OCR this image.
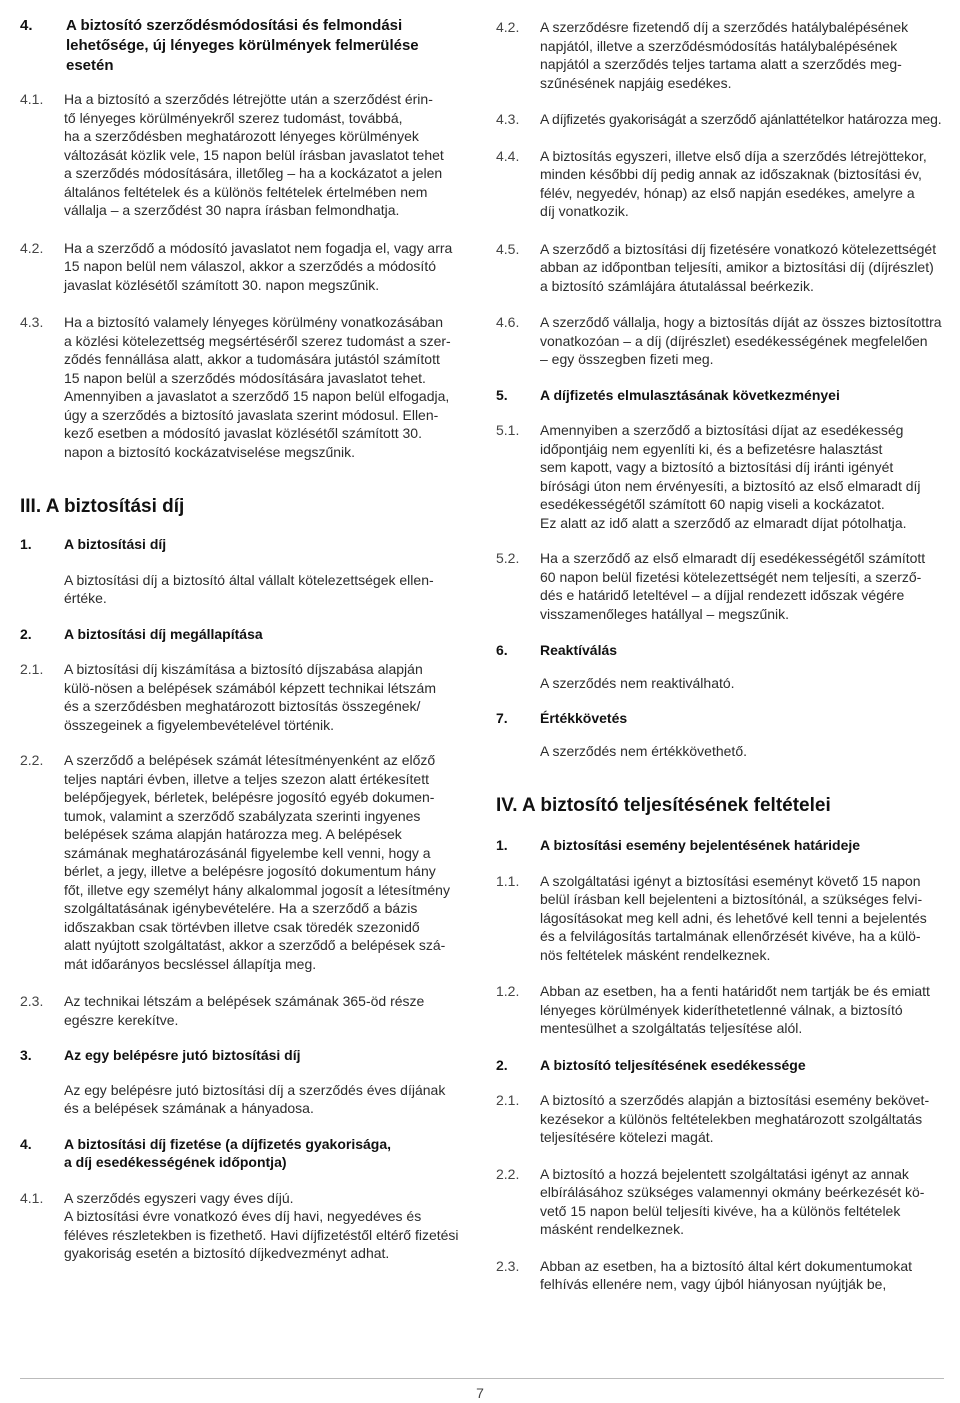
4.	A biztosító szerződésmódosítási és felmondási lehetősége, új lényeges körülmények felmerülése esetén
4.1.	Ha a biztosító a szerződés létrejötte után a szerződést érin-
tő lényeges körülményekről szerez tudomást, továbbá,
ha a szerződésben meghatározott lényeges körülmények
változását közlik vele, 15 napon belül írásban javaslatot tehet
a szerződés módosítására, illetőleg – ha a kockázatot a jelen
általános feltételek és a különös feltételek értelmében nem
vállalja – a szerződést 30 napra írásban felmondhatja.
4.2.	Ha a szerződő a módosító javaslatot nem fogadja el, vagy arra
15 napon belül nem válaszol, akkor a szerződés a módosító
javaslat közlésétől számított 30. napon megszűnik.
4.3.	Ha a biztosító valamely lényeges körülmény vonatkozásában
a közlési kötelezettség megsértéséről szerez tudomást a szer-
ződés fennállása alatt, akkor a tudomására jutástól számított
15 napon belül a szerződés módosítására javaslatot tehet.
Amennyiben a javaslatot a szerződő 15 napon belül elfogadja,
úgy a szerződés a biztosító javaslata szerint módosul. Ellen-
kező esetben a módosító javaslat közlésétől számított 30.
napon a biztosító kockázatviselése megszűnik.
III. A biztosítási díj
1.	A biztosítási díj
A biztosítási díj a biztosító által vállalt kötelezettségek ellen-
értéke.
2.	A biztosítási díj megállapítása
2.1.	A biztosítási díj kiszámítása a biztosító díjszabása alapján
külö-nösen a belépések számából képzett technikai létszám
és a szerződésben meghatározott biztosítás összegének/
összegeinek a figyelembevételével történik.
2.2.	A szerződő a belépések számát létesítményenként az előző
teljes naptári évben, illetve a teljes szezon alatt értékesített
belépőjegyek, bérletek, belépésre jogosító egyéb dokumen-
tumok, valamint a szerződő szabályzata szerinti ingyenes
belépések száma alapján határozza meg. A belépések
számának meghatározásánál figyelembe kell venni, hogy a
bérlet, a jegy, illetve a belépésre jogosító dokumentum hány
főt, illetve egy személyt hány alkalommal jogosít a létesítmény
szolgáltatásának igénybevételére. Ha a szerződő a bázis
időszakban csak törtévben illetve csak töredék szezonidő
alatt nyújtott szolgáltatást, akkor a szerződő a belépések szá-
mát időarányos becsléssel állapítja meg.
2.3.	Az technikai létszám a belépések számának 365-öd része
egészre kerekítve.
3.	Az egy belépésre jutó biztosítási díj
Az egy belépésre jutó biztosítási díj a szerződés éves díjának
és a belépések számának a hányadosa.
4.	A biztosítási díj fizetése (a díjfizetés gyakorisága,
a díj esedékességének időpontja)
4.1.	A szerződés egyszeri vagy éves díjú.
A biztosítási évre vonatkozó éves díj havi, negyedéves és
féléves részletekben is fizethető. Havi díjfizetéstől eltérő fizetési
gyakoriság esetén a biztosító díjkedvezményt adhat.
4.2.	A szerződésre fizetendő díj a szerződés hatálybalépésének
napjától, illetve a szerződésmódosítás hatálybalépésének
napjától a szerződés teljes tartama alatt a szerződés meg-
szűnésének napjáig esedékes.
4.3.	A díjfizetés gyakoriságát a szerződő ajánlattételkor határozza meg.
4.4.	A biztosítás egyszeri, illetve első díja a szerződés létrejöttekor,
minden későbbi díj pedig annak az időszaknak (biztosítási év,
félév, negyedév, hónap) az első napján esedékes, amelyre a
díj vonatkozik.
4.5.	A szerződő a biztosítási díj fizetésére vonatkozó kötelezettségét
abban az időpontban teljesíti, amikor a biztosítási díj (díjrészlet)
a biztosító számlájára átutalással beérkezik.
4.6.	A szerződő vállalja, hogy a biztosítás díját az összes biztosítottra
vonatkozóan – a díj (díjrészlet) esedékességének megfelelően
– egy összegben fizeti meg.
5.	A díjfizetés elmulasztásának következményei
5.1.	Amennyiben a szerződő a biztosítási díjat az esedékesség
időpontjáig nem egyenlíti ki, és a befizetésre halasztást
sem kapott, vagy a biztosító a biztosítási díj iránti igényét
bírósági úton nem érvényesíti, a biztosító az első elmaradt díj
esedékességétől számított 60 napig viseli a kockázatot.
Ez alatt az idő alatt a szerződő az elmaradt díjat pótolhatja.
5.2.	Ha a szerződő az első elmaradt díj esedékességétől számított
60 napon belül fizetési kötelezettségét nem teljesíti, a szerző-
dés e határidő leteltével – a díjjal rendezett időszak végére
visszamenőleges hatállyal – megszűnik.
6.	Reaktíválás
A szerződés nem reaktiválható.
7.	Értékkövetés
A szerződés nem értékkövethető.
IV. A biztosító teljesítésének feltételei
1.	A biztosítási esemény bejelentésének határideje
1.1.	A szolgáltatási igényt a biztosítási eseményt követő 15 napon
belül írásban kell bejelenteni a biztosítónál, a szükséges felvi-
lágosításokat meg kell adni, és lehetővé kell tenni a bejelentés
és a felvilágosítás tartalmának ellenőrzését kivéve, ha a külö-
nös feltételek másként rendelkeznek.
1.2.	Abban az esetben, ha a fenti határidőt nem tartják be és emiatt
lényeges körülmények kideríthetetlenné válnak, a biztosító
mentesülhet a szolgáltatás teljesítése alól.
2.	A biztosító teljesítésének esedékessége
2.1.	A biztosító a szerződés alapján a biztosítási esemény bekövet-
kezésekor a különös feltételekben meghatározott szolgáltatás
teljesítésére kötelezi magát.
2.2.	A biztosító a hozzá bejelentett szolgáltatási igényt az annak
elbírálásához szükséges valamennyi okmány beérkezését kö-
vető 15 napon belül teljesíti kivéve, ha a különös feltételek
másként rendelkeznek.
2.3.	Abban az esetben, ha a biztosító által kért dokumentumokat
felhívás ellenére nem, vagy újból hiányosan nyújtják be,
7
